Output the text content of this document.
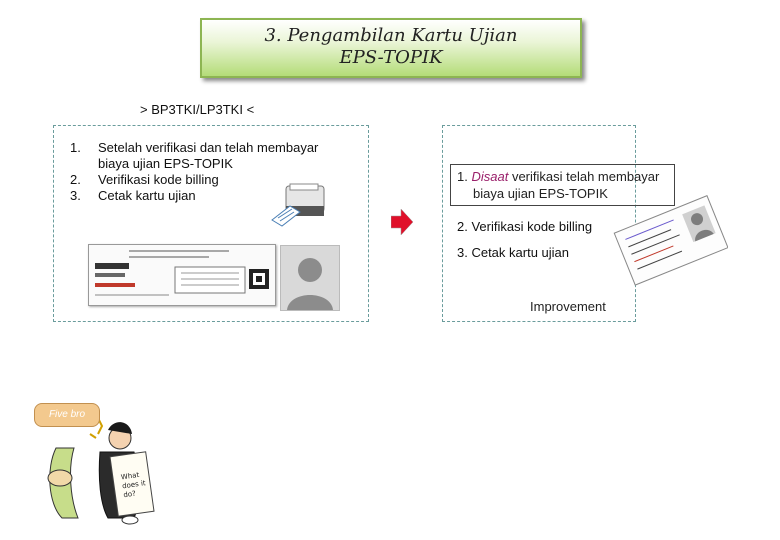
3. Pengambilan Kartu Ujian
EPS-TOPIK
> BP3TKI/LP3TKI <
1.	Setelah verifikasi dan telah membayar biaya ujian EPS-TOPIK
2.	Verifikasi kode billing
3.	Cetak kartu ujian
1. Disaat verifikasi telah membayar
biaya ujian EPS-TOPIK
2. Verifikasi kode billing
3. Cetak kartu ujian
Improvement
What
does it
do?
Five bro
